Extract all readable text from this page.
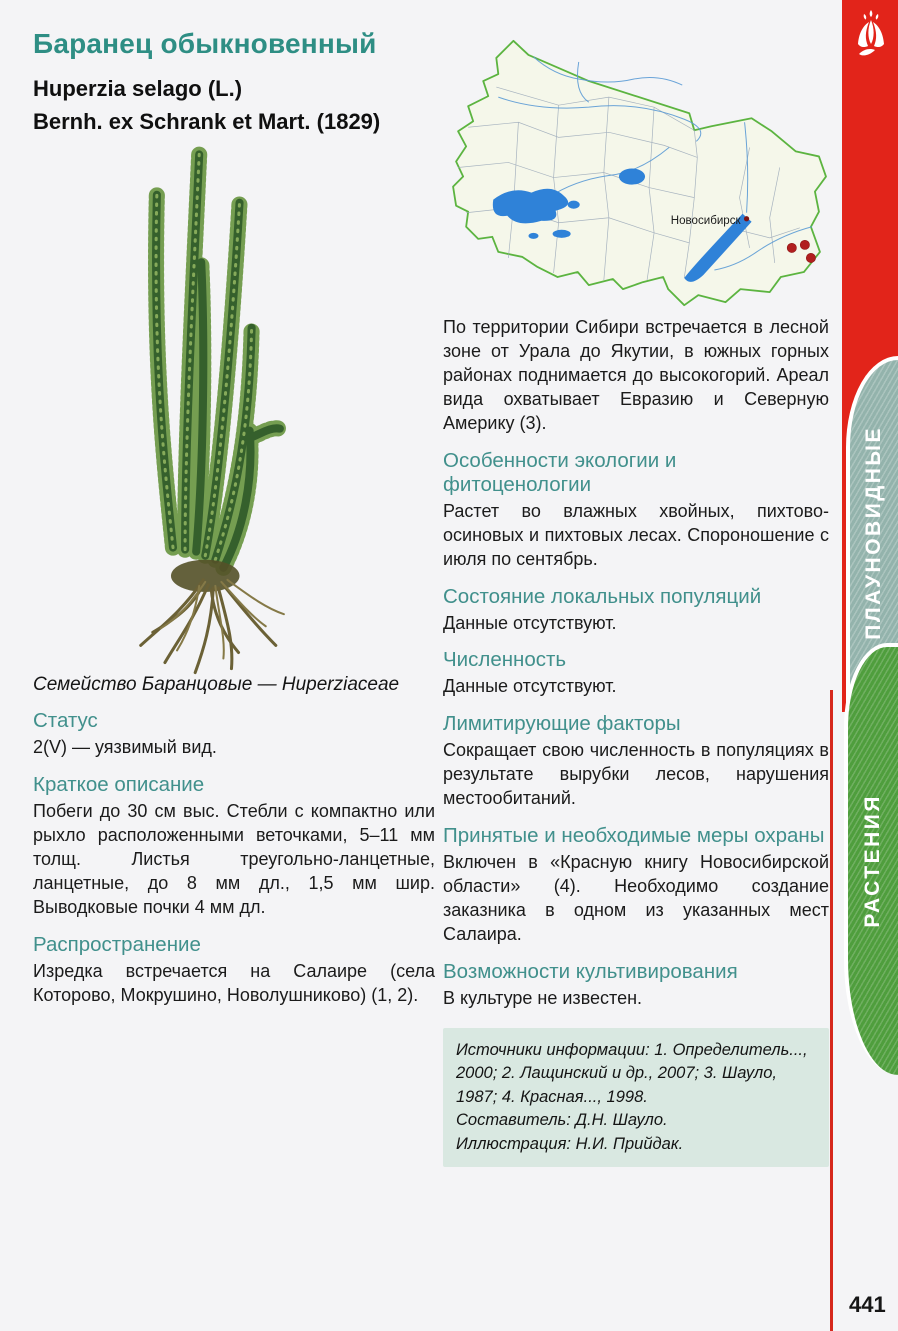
Баранец обыкновенный

Huperzia selago (L.)

Bernh. ex Schrank et Mart. (1829)

Новосибирск

Семейство Баранцовые — Huperziaceae

Статус

2(V) — уязвимый вид.

Краткое описание

Побеги до 30 см выс. Стебли с компактно или рыхло расположенными веточками, 5–11 мм толщ. Листья треугольно-ланцетные, ланцетные, до 8 мм дл., 1,5 мм шир. Выводковые почки 4 мм дл.

Распространение

Изредка встречается на Салаире (села Которово, Мокрушино, Новолушниково) (1, 2).

По территории Сибири встречается в лесной зоне от Урала до Якутии, в южных горных районах поднимается до высокогорий. Ареал вида охватывает Евразию и Северную Америку (3).

Особенности экологии и фитоценологии

Растет во влажных хвойных, пихтово-осиновых и пихтовых лесах. Спороношение с июля по сентябрь.

Состояние локальных популяций

Данные отсутствуют.

Численность

Данные отсутствуют.

Лимитирующие факторы

Сокращает свою численность в популяциях в результате вырубки лесов, нарушения местообитаний.

Принятые и необходимые меры охраны

Включен в «Красную книгу Новосибирской области» (4). Необходимо создание заказника в одном из указанных мест Салаира.

Возможности культивирования

В культуре не известен.

Источники информации: 1. Определитель..., 2000; 2. Лащинский и др., 2007; 3. Шауло, 1987; 4. Красная..., 1998.
Составитель: Д.Н. Шауло.
Иллюстрация: Н.И. Прийдак.
ПЛАУНОВИДНЫЕ
РАСТЕНИЯ
441
